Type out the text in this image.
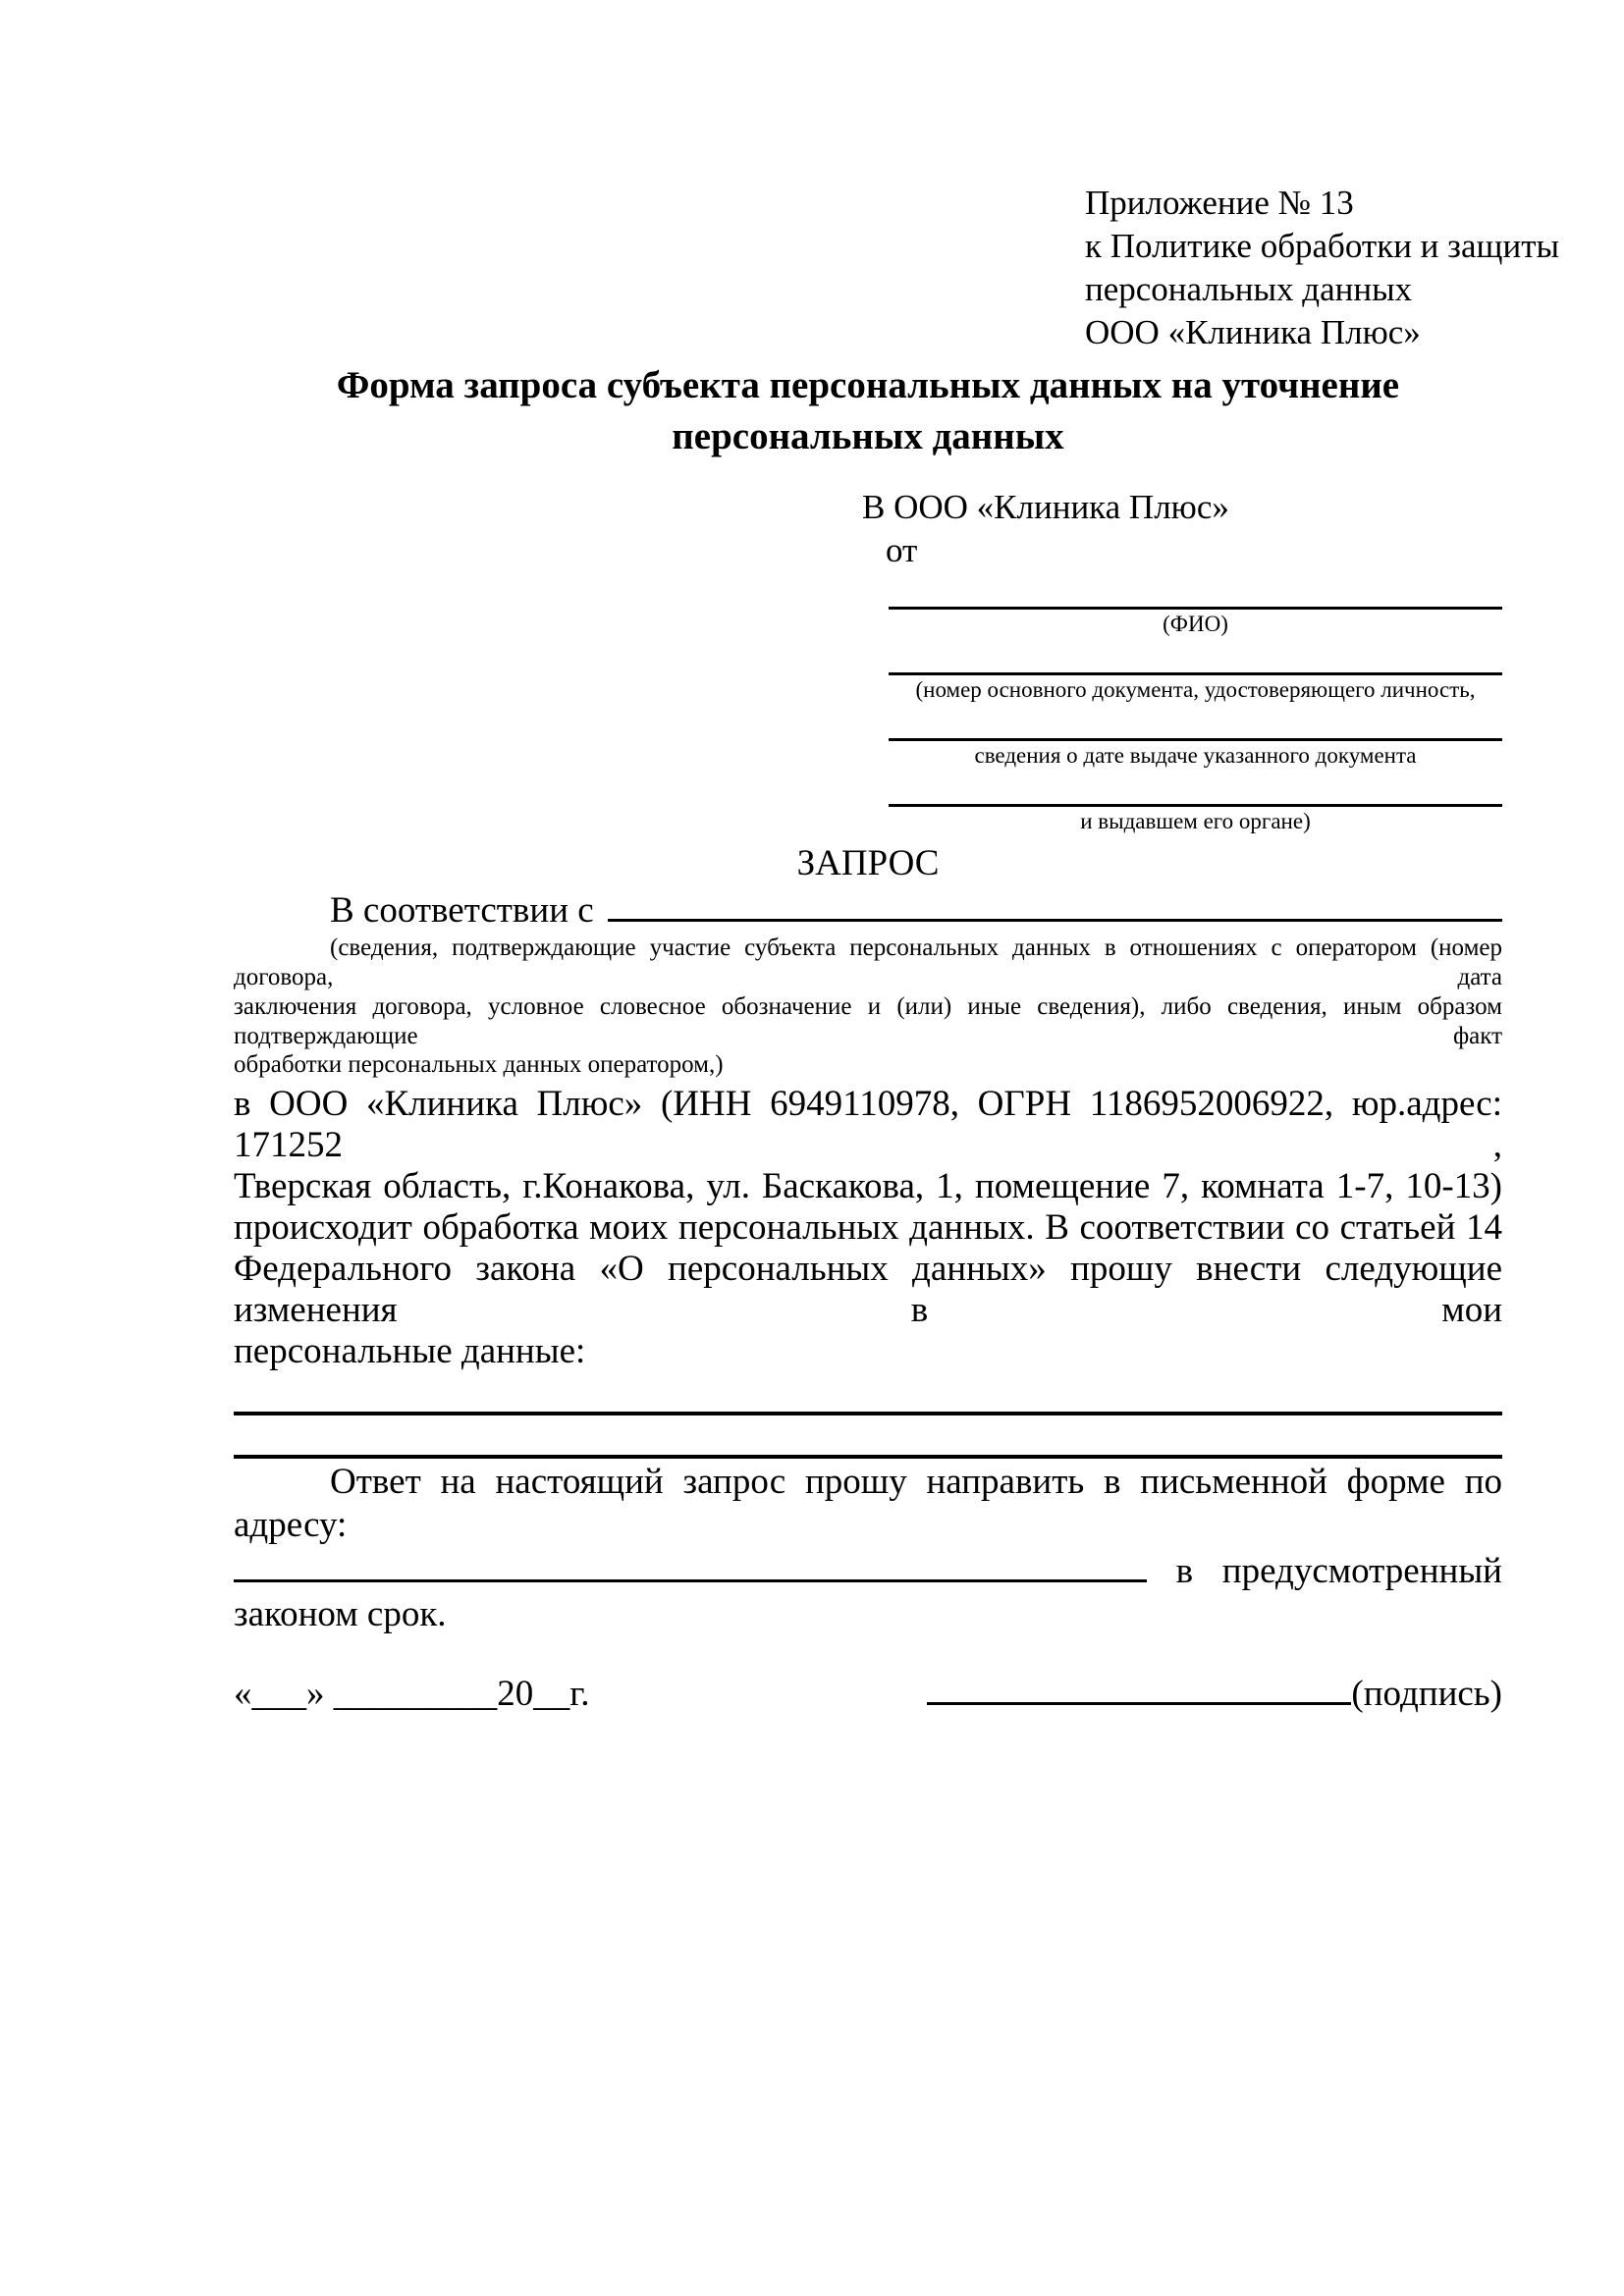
Приложение № 13
к Политике обработки и защиты
персональных данных
ООО «Клиника Плюс»
Форма запроса субъекта персональных данных на уточнение персональных данных
В ООО «Клиника Плюс»
от
(ФИО)
(номер основного документа, удостоверяющего личность,
сведения о дате выдаче указанного документа
и выдавшем его органе)
ЗАПРОС
В соответствии с
(сведения, подтверждающие участие субъекта персональных данных в отношениях с оператором (номер договора, дата
заключения договора, условное словесное обозначение и (или) иные сведения), либо сведения, иным образом подтверждающие факт
обработки персональных данных оператором,)
в ООО «Клиника Плюс» (ИНН 6949110978, ОГРН 1186952006922, юр.адрес: 171252 ,
Тверская область, г.Конакова, ул. Баскакова, 1, помещение 7, комната 1-7, 10-13)
происходит обработка моих персональных данных. В соответствии со статьей 14
Федерального закона «О персональных данных» прошу внести следующие изменения в мои
персональные данные:
Ответ на настоящий запрос прошу направить в письменной форме по адресу:
в предусмотренный
законом срок.
«___» _________20__г.	(подпись)
